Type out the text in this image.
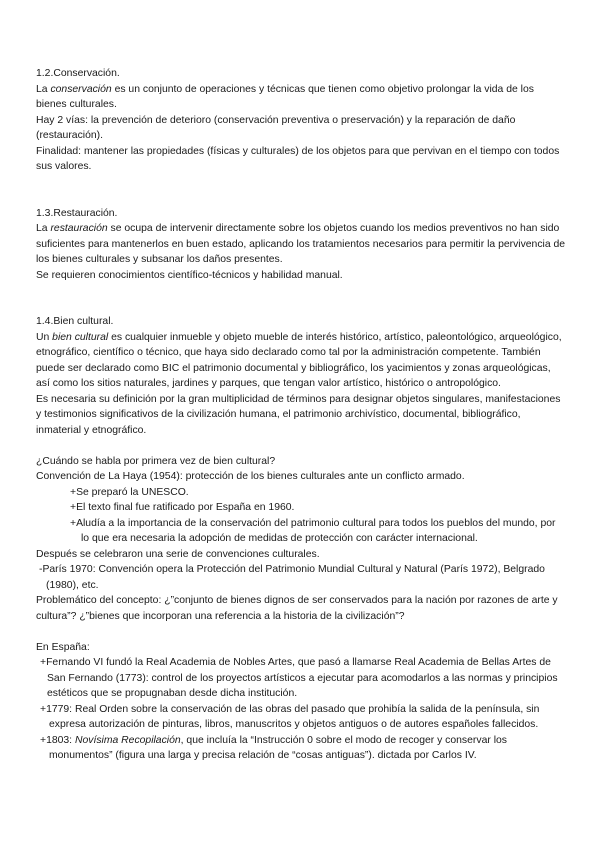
1.2.Conservación.

La conservación es un conjunto de operaciones y técnicas que tienen como objetivo prolongar la vida de los bienes culturales.

Hay 2 vías: la prevención de deterioro (conservación preventiva o preservación) y la reparación de daño (restauración).

Finalidad: mantener las propiedades (físicas y culturales) de los objetos para que pervivan en el tiempo con todos sus valores.

1.3.Restauración.

La restauración se ocupa de intervenir directamente sobre los objetos cuando los medios preventivos no han sido suficientes para mantenerlos en buen estado, aplicando los tratamientos necesarios para permitir la pervivencia de los bienes culturales y subsanar los daños presentes.

Se requieren conocimientos científico-técnicos y habilidad manual.

1.4.Bien cultural.

Un bien cultural es cualquier inmueble y objeto mueble de interés histórico, artístico, paleontológico, arqueológico, etnográfico, científico o técnico, que haya sido declarado como tal por la administración competente. También puede ser declarado como BIC el patrimonio documental y bibliográfico, los yacimientos y zonas arqueológicas, así como los sitios naturales, jardines y parques, que tengan valor artístico, histórico o antropológico.

Es necesaria su definición por la gran multiplicidad de términos para designar objetos singulares, manifestaciones y testimonios significativos de la civilización humana, el patrimonio archivístico, documental, bibliográfico, inmaterial y etnográfico.

¿Cuándo se habla por primera vez de bien cultural?

Convención de La Haya (1954): protección de los bienes culturales ante un conflicto armado.

+Se preparó la UNESCO.

+El texto final fue ratificado por España en 1960.

+Aludía a la importancia de la conservación del patrimonio cultural para todos los pueblos del mundo, por lo que era necesaria la adopción de medidas de protección con carácter internacional.

Después se celebraron una serie de convenciones culturales.

-París 1970: Convención opera la Protección del Patrimonio Mundial Cultural y Natural (París 1972), Belgrado (1980), etc.

Problemático del concepto: ¿”conjunto de bienes dignos de ser conservados para la nación por razones de arte y cultura”? ¿”bienes que incorporan una referencia a la historia de la civilización”?

En España:

+Fernando VI fundó la Real Academia de Nobles Artes, que pasó a llamarse Real Academia de Bellas Artes de San Fernando (1773): control de los proyectos artísticos a ejecutar para acomodarlos a las normas y principios estéticos que se propugnaban desde dicha institución.

+1779: Real Orden sobre la conservación de las obras del pasado que prohibía la salida de la península, sin expresa autorización de pinturas, libros, manuscritos y objetos antiguos o de autores españoles fallecidos.

+1803: Novísima Recopilación, que incluía la “Instrucción 0 sobre el modo de recoger y conservar los monumentos” (figura una larga y precisa relación de “cosas antiguas”). dictada por Carlos IV.
